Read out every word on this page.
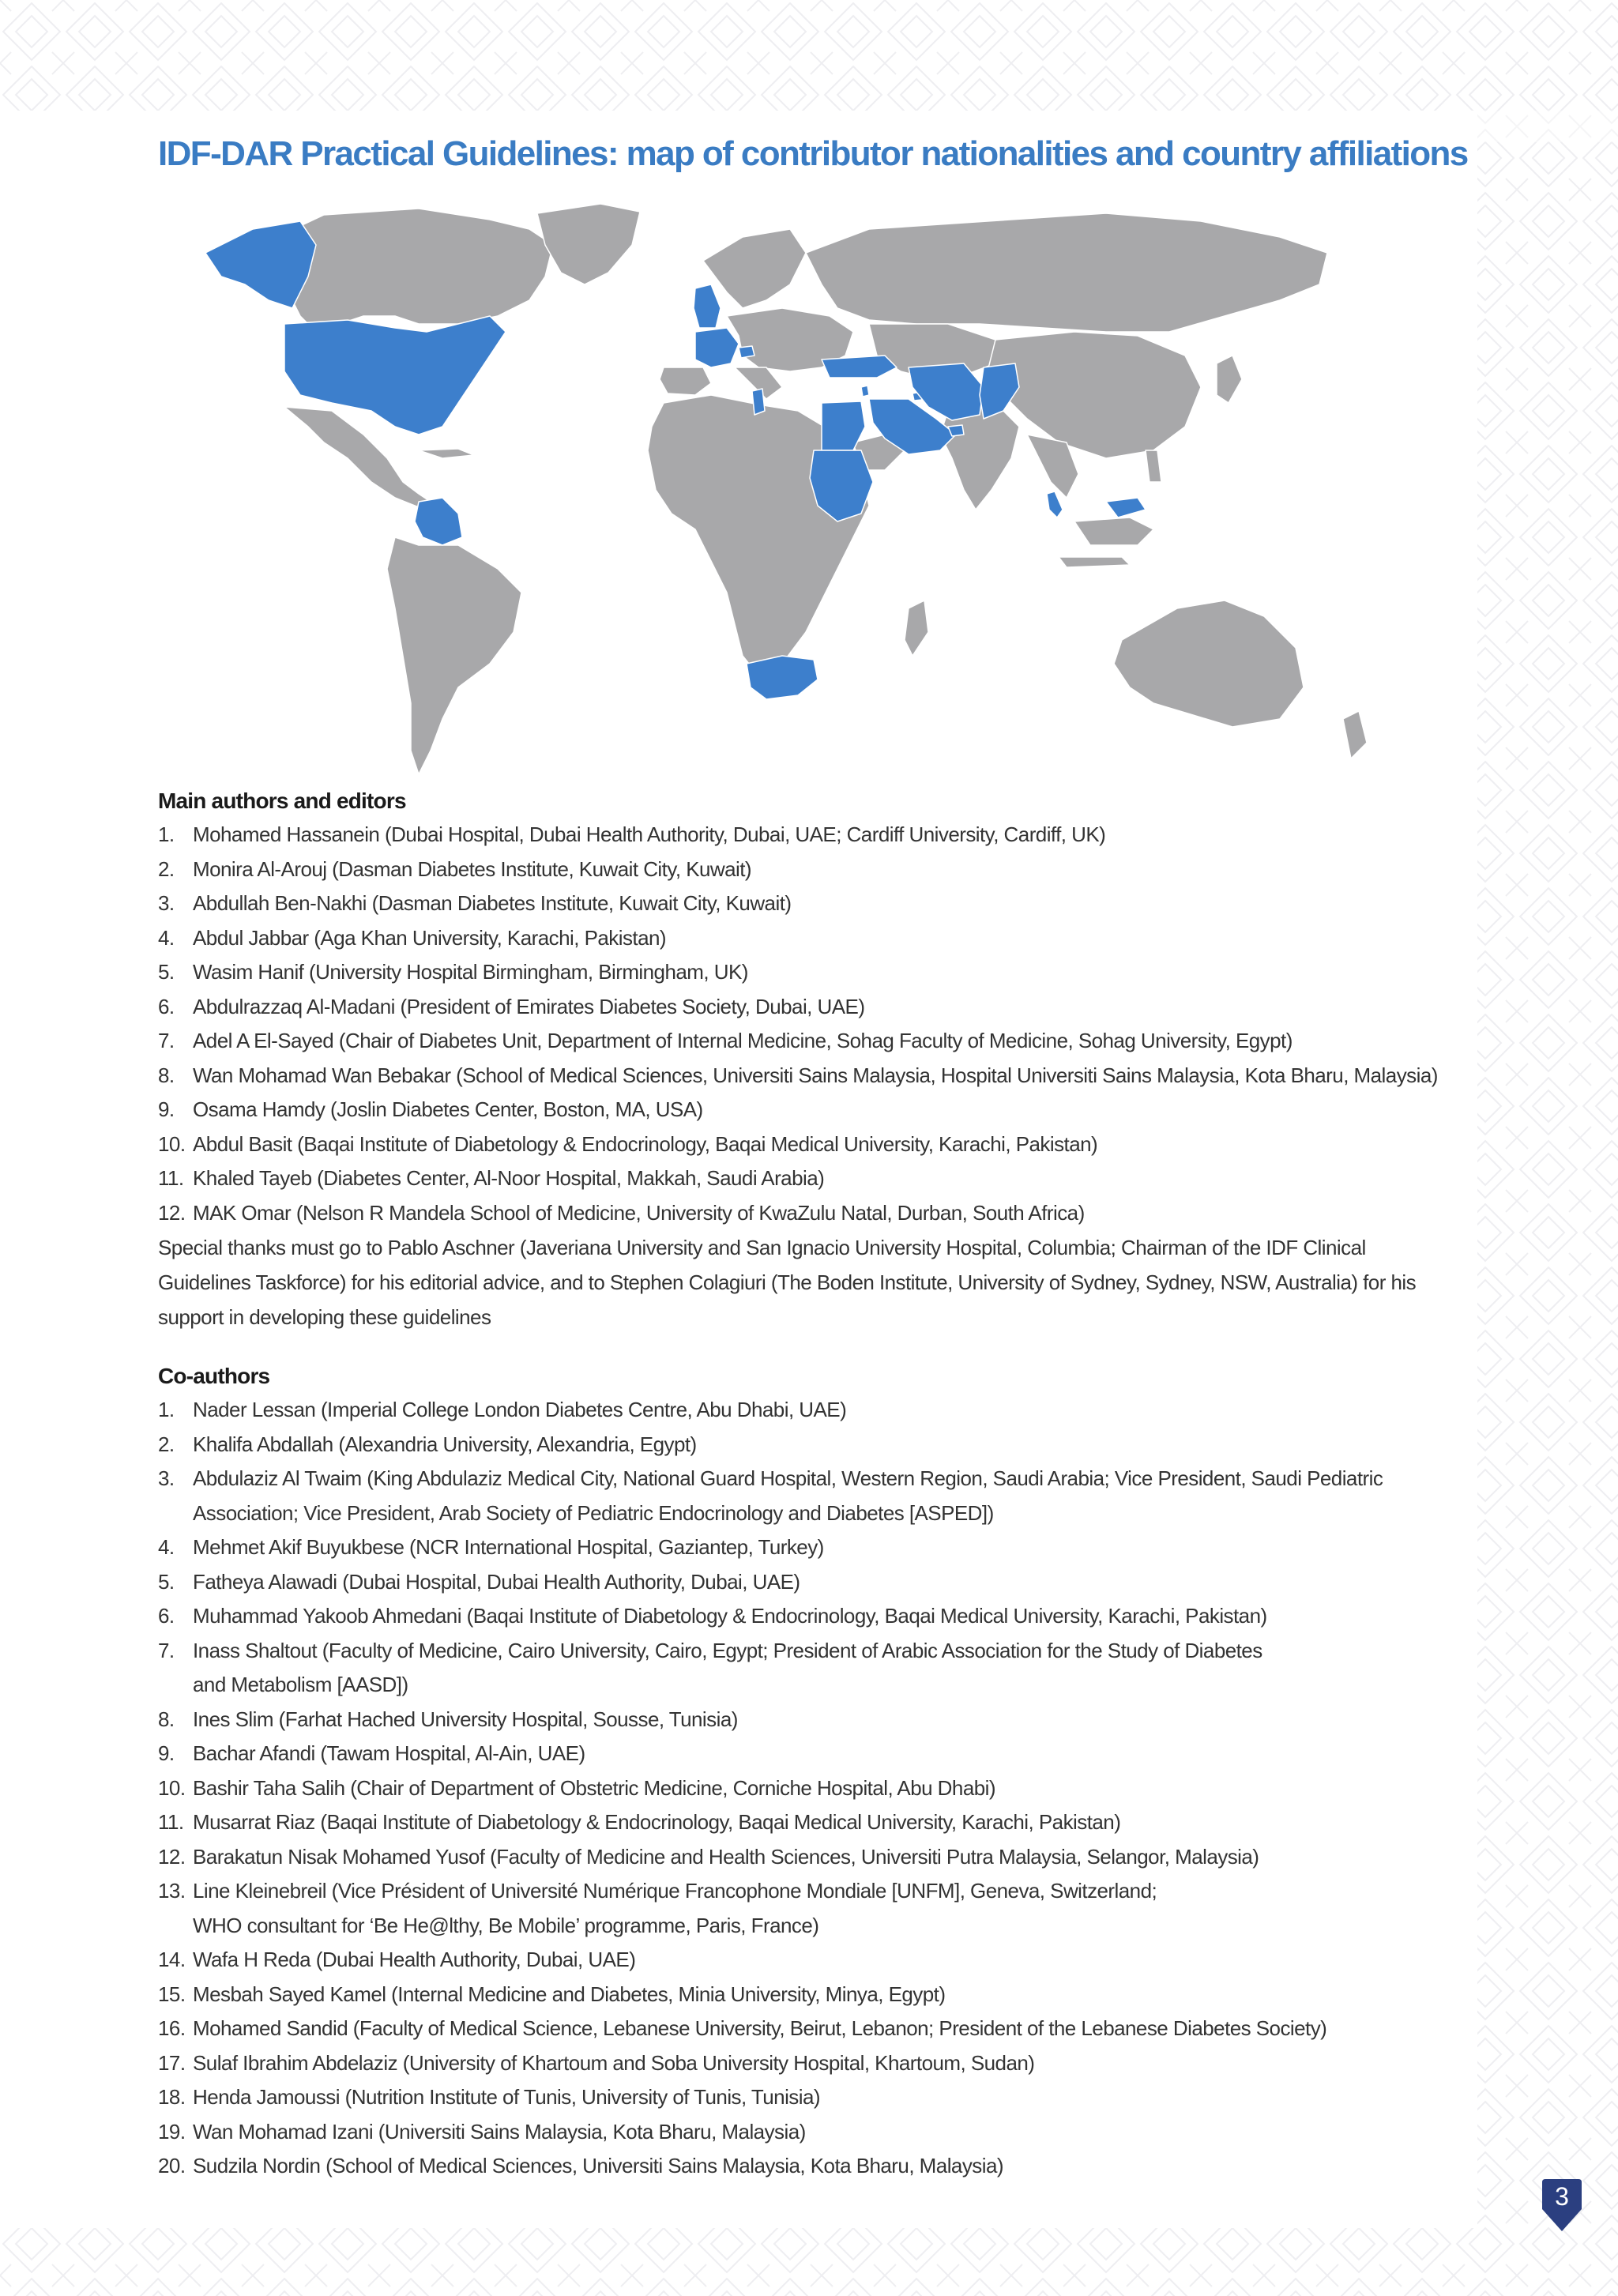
IDF-DAR Practical Guidelines: map of contributor nationalities and country affiliations
Main authors and editors
1. Mohamed Hassanein (Dubai Hospital, Dubai Health Authority, Dubai, UAE; Cardiff University, Cardiff, UK)
2. Monira Al-Arouj (Dasman Diabetes Institute, Kuwait City, Kuwait)
3. Abdullah Ben-Nakhi (Dasman Diabetes Institute, Kuwait City, Kuwait)
4. Abdul Jabbar (Aga Khan University, Karachi, Pakistan)
5. Wasim Hanif (University Hospital Birmingham, Birmingham, UK)
6. Abdulrazzaq Al-Madani (President of Emirates Diabetes Society, Dubai, UAE)
7. Adel A El-Sayed (Chair of Diabetes Unit, Department of Internal Medicine, Sohag Faculty of Medicine, Sohag University, Egypt)
8. Wan Mohamad Wan Bebakar (School of Medical Sciences, Universiti Sains Malaysia, Hospital Universiti Sains Malaysia, Kota Bharu, Malaysia)
9. Osama Hamdy (Joslin Diabetes Center, Boston, MA, USA)
10. Abdul Basit (Baqai Institute of Diabetology & Endocrinology, Baqai Medical University, Karachi, Pakistan)
11. Khaled Tayeb (Diabetes Center, Al-Noor Hospital, Makkah, Saudi Arabia)
12. MAK Omar (Nelson R Mandela School of Medicine, University of KwaZulu Natal, Durban, South Africa)

Special thanks must go to Pablo Aschner (Javeriana University and San Ignacio University Hospital, Columbia; Chairman of the IDF Clinical

Guidelines Taskforce) for his editorial advice, and to Stephen Colagiuri (The Boden Institute, University of Sydney, Sydney, NSW, Australia) for his

support in developing these guidelines

Co-authors
1. Nader Lessan (Imperial College London Diabetes Centre, Abu Dhabi, UAE)
2. Khalifa Abdallah (Alexandria University, Alexandria, Egypt)
3. Abdulaziz Al Twaim (King Abdulaziz Medical City, National Guard Hospital, Western Region, Saudi Arabia; Vice President, Saudi Pediatric
Association; Vice President, Arab Society of Pediatric Endocrinology and Diabetes [ASPED])
4. Mehmet Akif Buyukbese (NCR International Hospital, Gaziantep, Turkey)
5. Fatheya Alawadi (Dubai Hospital, Dubai Health Authority, Dubai, UAE)
6. Muhammad Yakoob Ahmedani (Baqai Institute of Diabetology & Endocrinology, Baqai Medical University, Karachi, Pakistan)
7. Inass Shaltout (Faculty of Medicine, Cairo University, Cairo, Egypt; President of Arabic Association for the Study of Diabetes
and Metabolism [AASD])
8. Ines Slim (Farhat Hached University Hospital, Sousse, Tunisia)
9. Bachar Afandi (Tawam Hospital, Al-Ain, UAE)
10. Bashir Taha Salih (Chair of Department of Obstetric Medicine, Corniche Hospital, Abu Dhabi)
11. Musarrat Riaz (Baqai Institute of Diabetology & Endocrinology, Baqai Medical University, Karachi, Pakistan)
12. Barakatun Nisak Mohamed Yusof (Faculty of Medicine and Health Sciences, Universiti Putra Malaysia, Selangor, Malaysia)
13. Line Kleinebreil (Vice Président of Université Numérique Francophone Mondiale [UNFM], Geneva, Switzerland;
WHO consultant for ‘Be He@lthy, Be Mobile’ programme, Paris, France)
14. Wafa H Reda (Dubai Health Authority, Dubai, UAE)
15. Mesbah Sayed Kamel (Internal Medicine and Diabetes, Minia University, Minya, Egypt)
16. Mohamed Sandid (Faculty of Medical Science, Lebanese University, Beirut, Lebanon; President of the Lebanese Diabetes Society)
17. Sulaf Ibrahim Abdelaziz (University of Khartoum and Soba University Hospital, Khartoum, Sudan)
18. Henda Jamoussi (Nutrition Institute of Tunis, University of Tunis, Tunisia)
19. Wan Mohamad Izani (Universiti Sains Malaysia, Kota Bharu, Malaysia)
20. Sudzila Nordin (School of Medical Sciences, Universiti Sains Malaysia, Kota Bharu, Malaysia)
3
